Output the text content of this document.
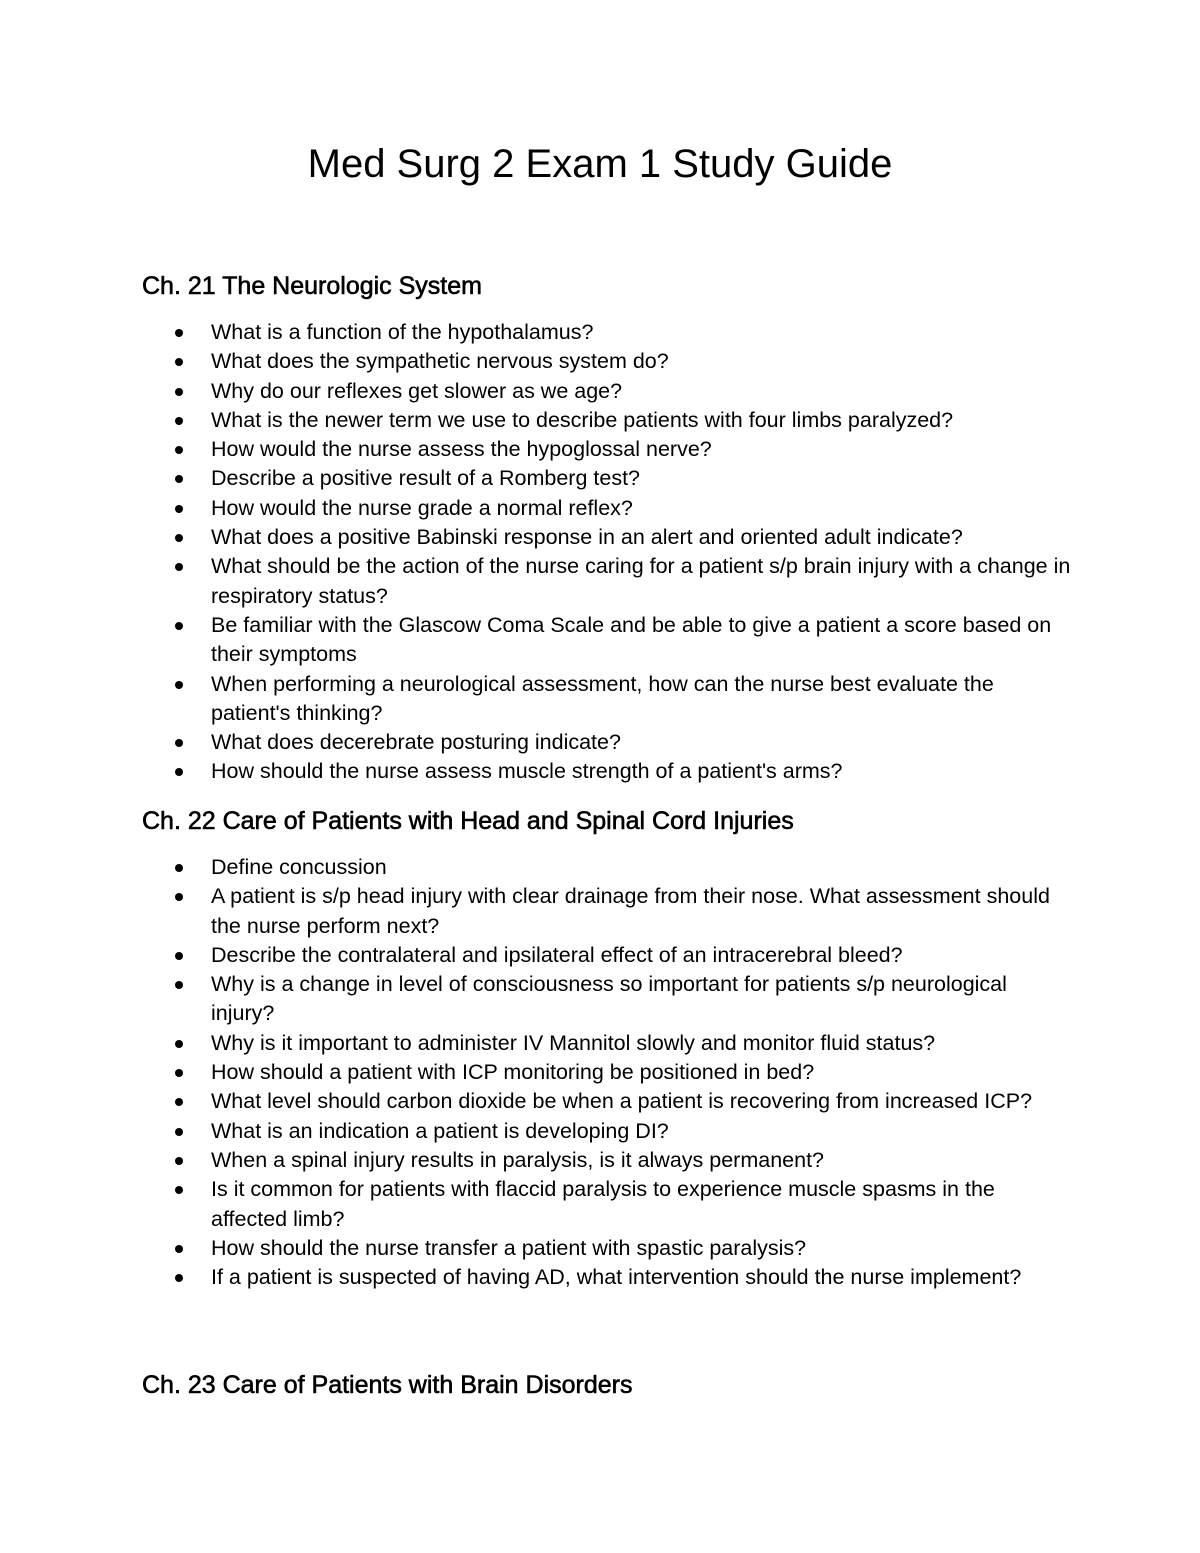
Med Surg 2 Exam 1 Study Guide
Ch. 21 The Neurologic System
What is a function of the hypothalamus?
What does the sympathetic nervous system do?
Why do our reflexes get slower as we age?
What is the newer term we use to describe patients with four limbs paralyzed?
How would the nurse assess the hypoglossal nerve?
Describe a positive result of a Romberg test?
How would the nurse grade a normal reflex?
What does a positive Babinski response in an alert and oriented adult indicate?
What should be the action of the nurse caring for a patient s/p brain injury with a change in respiratory status?
Be familiar with the Glascow Coma Scale and be able to give a patient a score based on their symptoms
When performing a neurological assessment, how can the nurse best evaluate the patient's thinking?
What does decerebrate posturing indicate?
How should the nurse assess muscle strength of a patient's arms?
Ch. 22 Care of Patients with Head and Spinal Cord Injuries
Define concussion
A patient is s/p head injury with clear drainage from their nose. What assessment should the nurse perform next?
Describe the contralateral and ipsilateral effect of an intracerebral bleed?
Why is a change in level of consciousness so important for patients s/p neurological injury?
Why is it important to administer IV Mannitol slowly and monitor fluid status?
How should a patient with ICP monitoring be positioned in bed?
What level should carbon dioxide be when a patient is recovering from increased ICP?
What is an indication a patient is developing DI?
When a spinal injury results in paralysis, is it always permanent?
Is it common for patients with flaccid paralysis to experience muscle spasms in the affected limb?
How should the nurse transfer a patient with spastic paralysis?
If a patient is suspected of having AD, what intervention should the nurse implement?
Ch. 23 Care of Patients with Brain Disorders
